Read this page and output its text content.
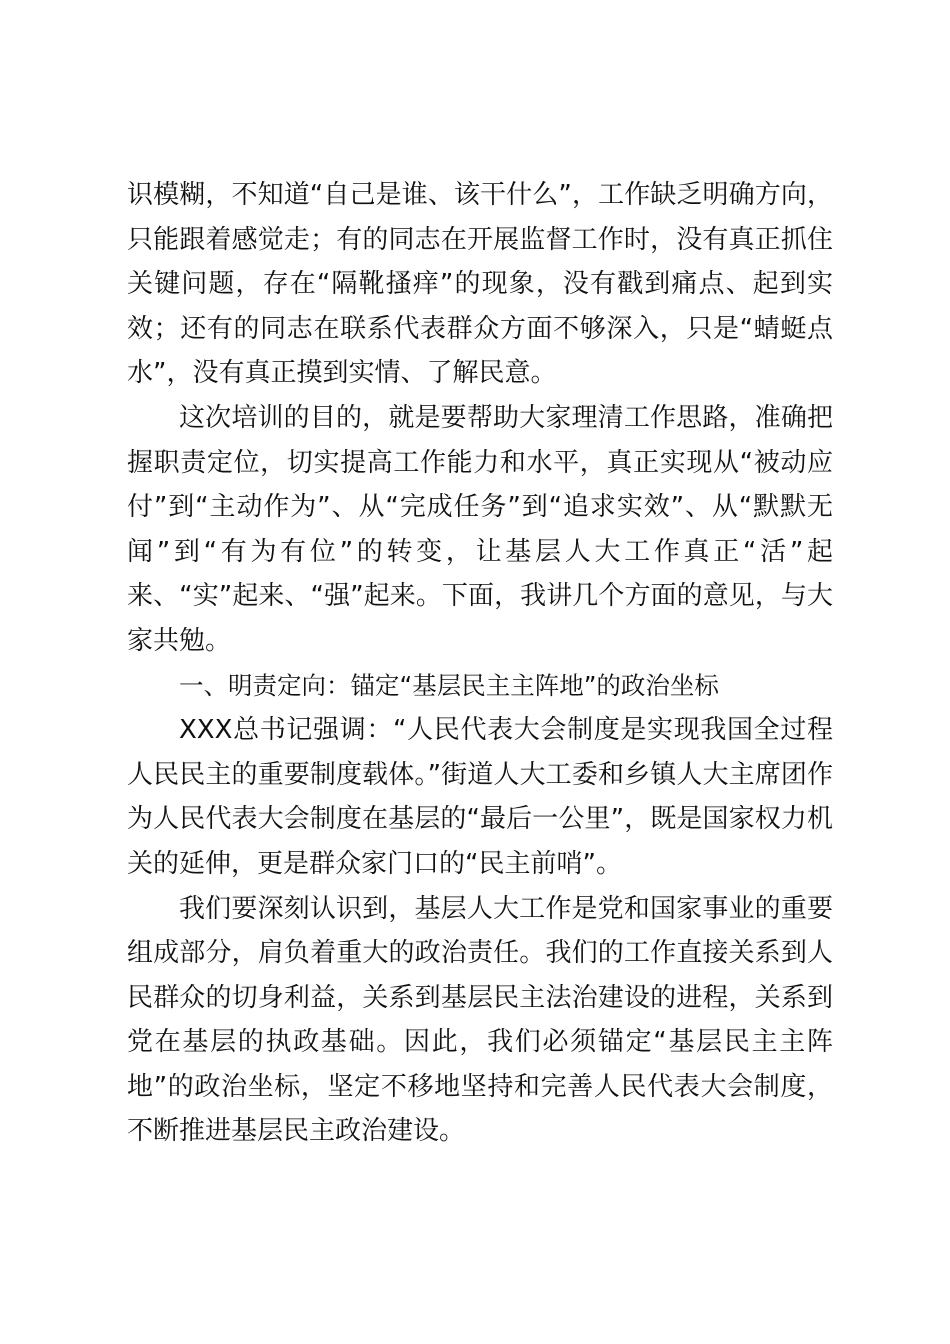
识模糊，不知道“自己是谁、该干什么”，工作缺乏明确方向，只能跟着感觉走；有的同志在开展监督工作时，没有真正抓住关键问题，存在“隔靴搔痒”的现象，没有戳到痛点、起到实效；还有的同志在联系代表群众方面不够深入，只是“蜻蜓点水”，没有真正摸到实情、了解民意。

这次培训的目的，就是要帮助大家理清工作思路，准确把握职责定位，切实提高工作能力和水平，真正实现从“被动应付”到“主动作为”、从“完成任务”到“追求实效”、从“默默无闻”到“有为有位”的转变，让基层人大工作真正“活”起来、“实”起来、“强”起来。下面，我讲几个方面的意见，与大家共勉。

一、明责定向：锚定“基层民主主阵地”的政治坐标

XXX总书记强调：“人民代表大会制度是实现我国全过程人民民主的重要制度载体。”街道人大工委和乡镇人大主席团作为人民代表大会制度在基层的“最后一公里”，既是国家权力机关的延伸，更是群众家门口的“民主前哨”。

我们要深刻认识到，基层人大工作是党和国家事业的重要组成部分，肩负着重大的政治责任。我们的工作直接关系到人民群众的切身利益，关系到基层民主法治建设的进程，关系到党在基层的执政基础。因此，我们必须锚定“基层民主主阵地”的政治坐标，坚定不移地坚持和完善人民代表大会制度，不断推进基层民主政治建设。
